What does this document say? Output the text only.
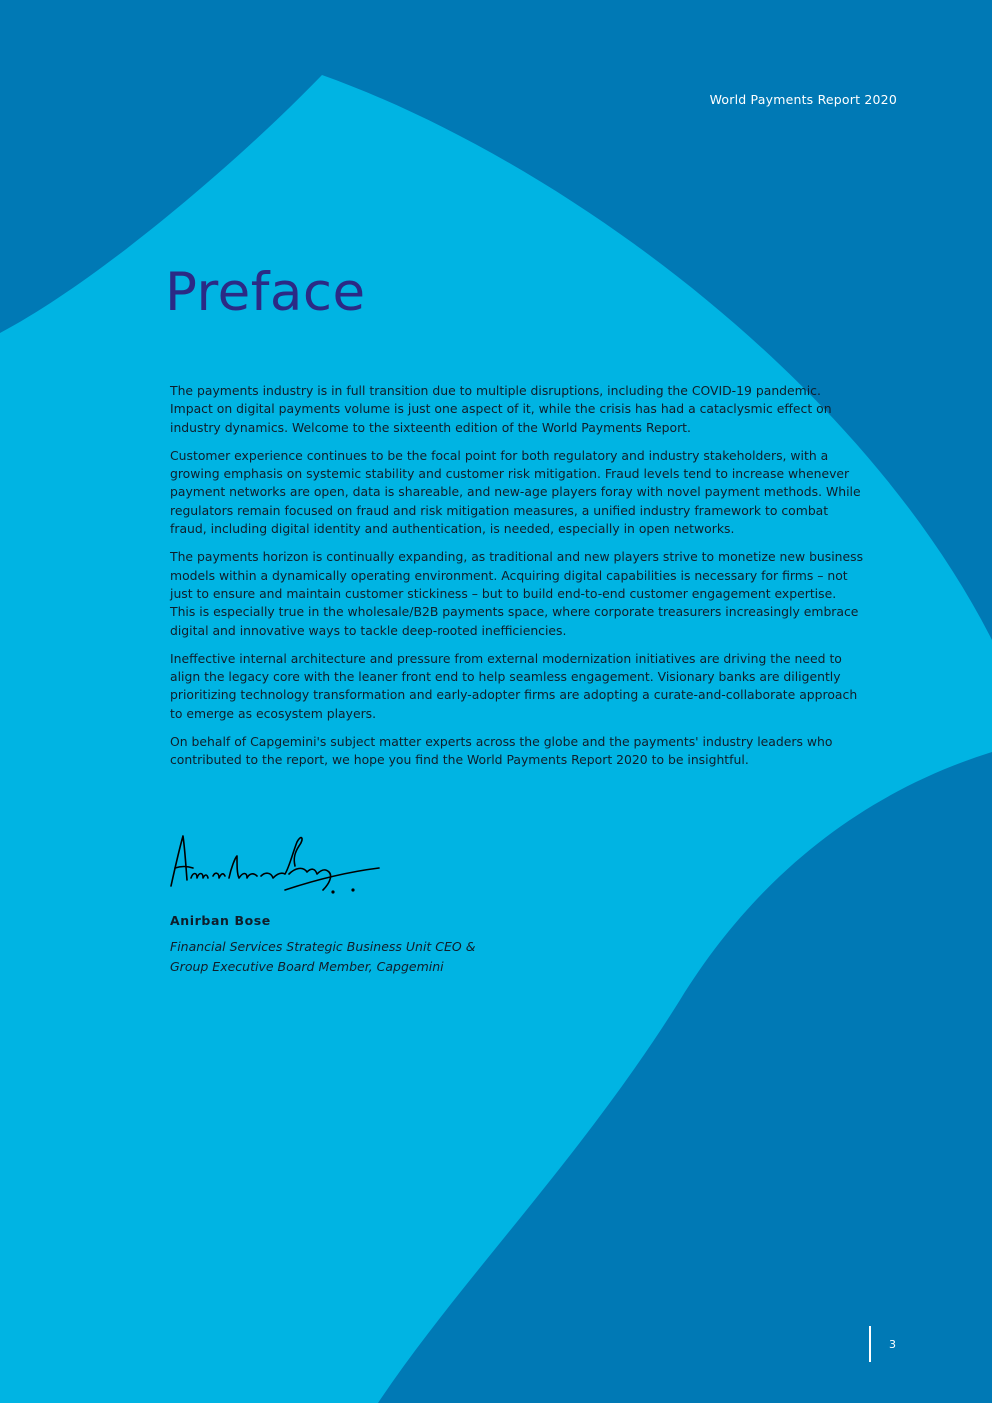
World Payments Report 2020
Preface

The payments industry is in full transition due to multiple disruptions, including the COVID-19 pandemic. Impact on digital payments volume is just one aspect of it, while the crisis has had a cataclysmic effect on industry dynamics. Welcome to the sixteenth edition of the World Payments Report.

Customer experience continues to be the focal point for both regulatory and industry stakeholders, with a growing emphasis on systemic stability and customer risk mitigation. Fraud levels tend to increase whenever payment networks are open, data is shareable, and new-age players foray with novel payment methods. While regulators remain focused on fraud and risk mitigation measures, a unified industry framework to combat fraud, including digital identity and authentication, is needed, especially in open networks.

The payments horizon is continually expanding, as traditional and new players strive to monetize new business models within a dynamically operating environment. Acquiring digital capabilities is necessary for firms – not just to ensure and maintain customer stickiness – but to build end-to-end customer engagement expertise. This is especially true in the wholesale/B2B payments space, where corporate treasurers increasingly embrace digital and innovative ways to tackle deep-rooted inefficiencies.

Ineffective internal architecture and pressure from external modernization initiatives are driving the need to align the legacy core with the leaner front end to help seamless engagement. Visionary banks are diligently prioritizing technology transformation and early-adopter firms are adopting a curate-and-collaborate approach to emerge as ecosystem players.

On behalf of Capgemini's subject matter experts across the globe and the payments' industry leaders who contributed to the report, we hope you find the World Payments Report 2020 to be insightful.

Anirban Bose
Financial Services Strategic Business Unit CEO &
Group Executive Board Member, Capgemini
3
